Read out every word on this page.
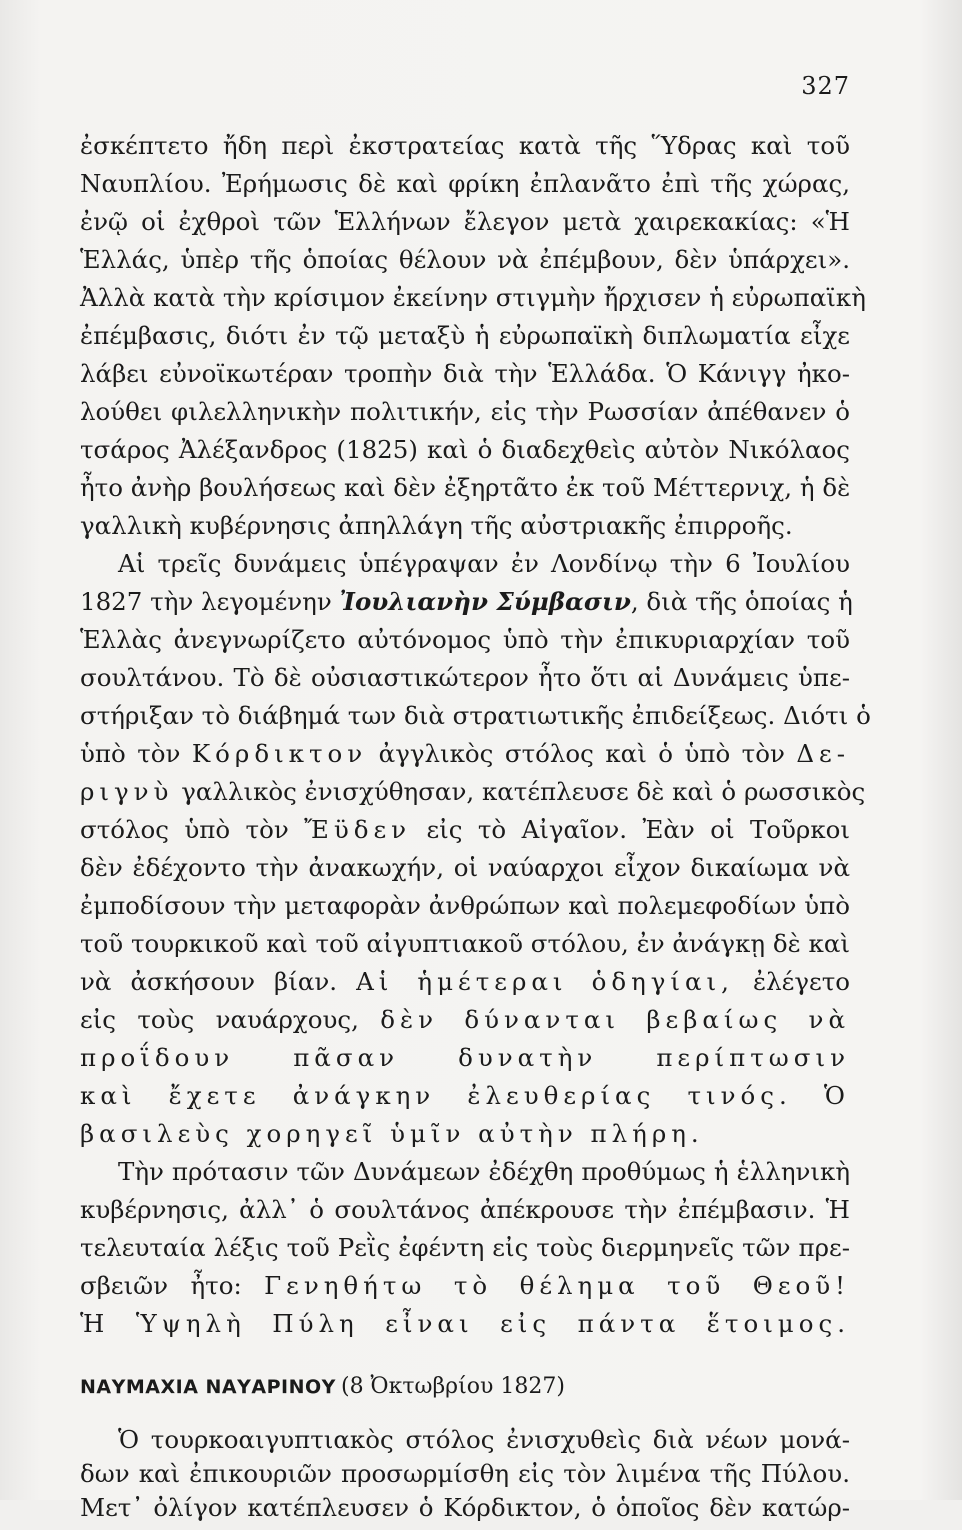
327
ἐσκέπτετο ἤδη περὶ ἐκστρατείας κατὰ τῆς Ὕδρας καὶ τοῦ
Ναυπλίου. Ἐρήμωσις δὲ καὶ φρίκη ἐπλανᾶτο ἐπὶ τῆς χώρας,
ἐνῷ οἱ ἐχθροὶ τῶν Ἑλλήνων ἔλεγον μετὰ χαιρεκακίας: «Ἡ
Ἑλλάς, ὑπὲρ τῆς ὁποίας θέλουν νὰ ἐπέμβουν, δὲν ὑπάρχει».
Ἀλλὰ κατὰ τὴν κρίσιμον ἐκείνην στιγμὴν ἤρχισεν ἡ εὐρωπαϊκὴ
ἐπέμβασις, διότι ἐν τῷ μεταξὺ ἡ εὐρωπαϊκὴ διπλωματία εἶχε
λάβει εὐνοϊκωτέραν τροπὴν διὰ τὴν Ἑλλάδα. Ὁ Κάνιγγ ἠκο-
λούθει φιλελληνικὴν πολιτικήν, εἰς τὴν Ρωσσίαν ἀπέθανεν ὁ
τσάρος Ἀλέξανδρος (1825) καὶ ὁ διαδεχθεὶς αὐτὸν Νικόλαος
ἦτο ἀνὴρ βουλήσεως καὶ δὲν ἐξηρτᾶτο ἐκ τοῦ Μέττερνιχ, ἡ δὲ
γαλλικὴ κυβέρνησις ἀπηλλάγη τῆς αὐστριακῆς ἐπιρροῆς.
Αἱ τρεῖς δυνάμεις ὑπέγραψαν ἐν Λονδίνῳ τὴν 6 Ἰουλίου
1827 τὴν λεγομένην Ἰουλιανὴν Σύμβασιν, διὰ τῆς ὁποίας ἡ
Ἑλλὰς ἀνεγνωρίζετο αὐτόνομος ὑπὸ τὴν ἐπικυριαρχίαν τοῦ
σουλτάνου. Τὸ δὲ οὐσιαστικώτερον ἦτο ὅτι αἱ Δυνάμεις ὑπε-
στήριξαν τὸ διάβημά των διὰ στρατιωτικῆς ἐπιδείξεως. Διότι ὁ
ὑπὸ τὸν Κόρδικτον ἀγγλικὸς στόλος καὶ ὁ ὑπὸ τὸν Δε-
ριγνὺ γαλλικὸς ἐνισχύθησαν, κατέπλευσε δὲ καὶ ὁ ρωσσικὸς
στόλος ὑπὸ τὸν Ἔϋδεν εἰς τὸ Αἰγαῖον. Ἐὰν οἱ Τοῦρκοι
δὲν ἐδέχοντο τὴν ἀνακωχήν, οἱ ναύαρχοι εἶχον δικαίωμα νὰ
ἐμποδίσουν τὴν μεταφορὰν ἀνθρώπων καὶ πολεμεφοδίων ὑπὸ
τοῦ τουρκικοῦ καὶ τοῦ αἰγυπτιακοῦ στόλου, ἐν ἀνάγκῃ δὲ καὶ
νὰ ἀσκήσουν βίαν. Αἱ ἡμέτεραι ὁδηγίαι, ἐλέγετο
εἰς τοὺς ναυάρχους, δὲν δύνανται βεβαίως νὰ
προΐδουν πᾶσαν δυνατὴν περίπτωσιν
καὶ ἔχετε ἀνάγκην ἐλευθερίας τινός. Ὁ
βασιλεὺς χορηγεῖ ὑμῖν αὐτὴν πλήρη.
Τὴν πρότασιν τῶν Δυνάμεων ἐδέχθη προθύμως ἡ ἑλληνικὴ
κυβέρνησις, ἀλλ᾽ ὁ σουλτάνος ἀπέκρουσε τὴν ἐπέμβασιν. Ἡ
τελευταία λέξις τοῦ Ρεῒς ἐφέντη εἰς τοὺς διερμηνεῖς τῶν πρε-
σβειῶν ἦτο: Γενηθήτω τὸ θέλημα τοῦ Θεοῦ!
Ἡ Ὑψηλὴ Πύλη εἶναι εἰς πάντα ἕτοιμος.
ΝΑΥΜΑΧΙΑ ΝΑΥΑΡΙΝΟΥ (8 Ὀκτωβρίου 1827)
Ὁ τουρκοαιγυπτιακὸς στόλος ἐνισχυθεὶς διὰ νέων μονά-
δων καὶ ἐπικουριῶν προσωρμίσθη εἰς τὸν λιμένα τῆς Πύλου.
Μετ᾽ ὀλίγον κατέπλευσεν ὁ Κόρδικτον, ὁ ὁποῖος δὲν κατώρ-
